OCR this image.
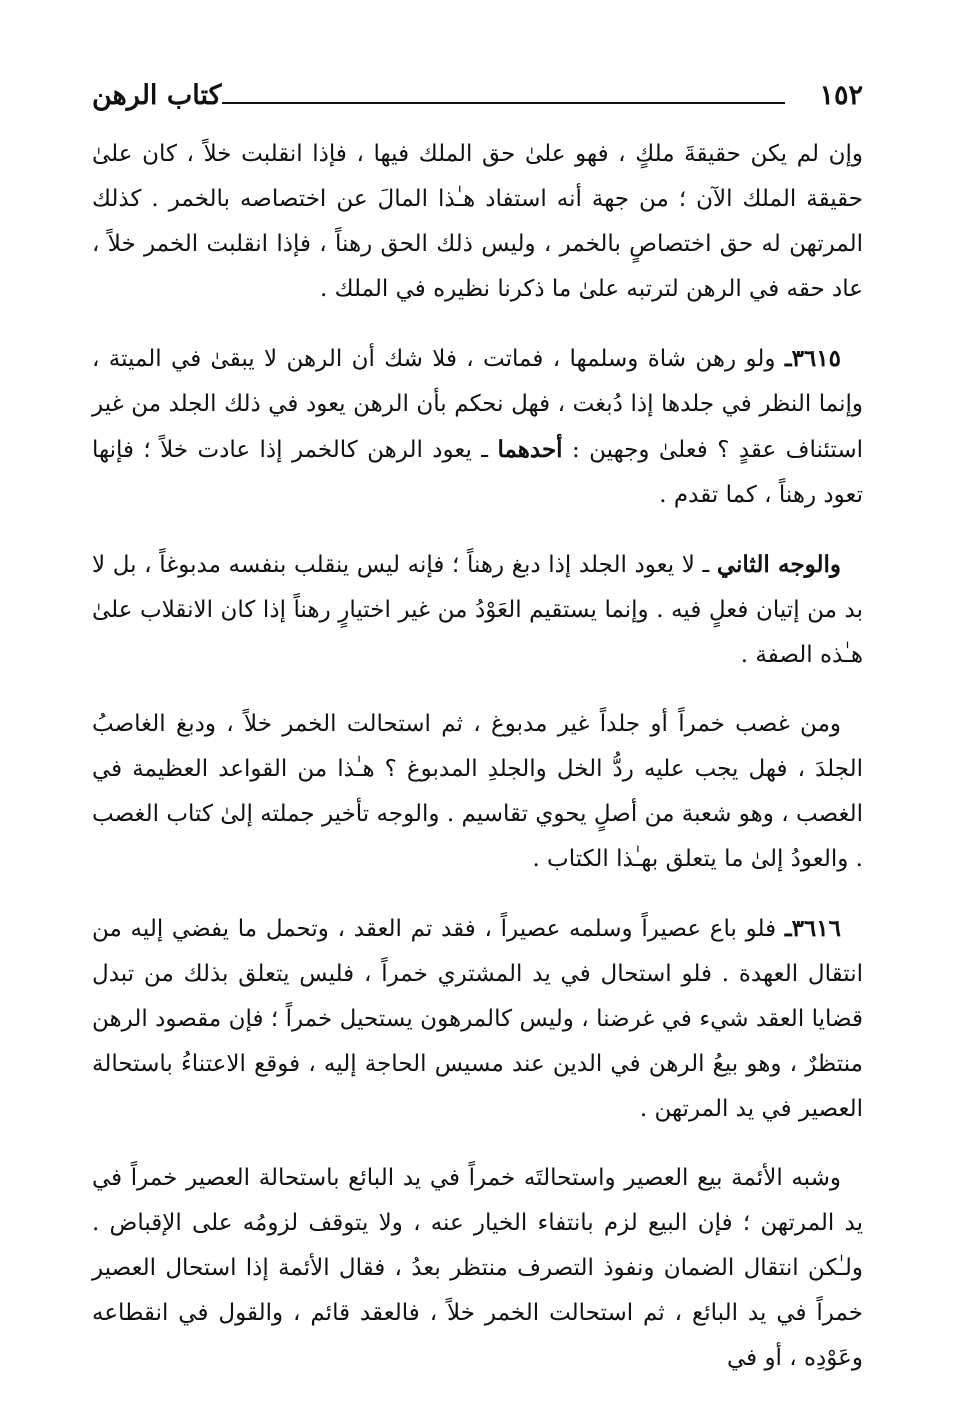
١٥٢
كتاب الرهن

وإن لم يكن حقيقةَ ملكٍ ، فهو علىٰ حق الملك فيها ، فإذا انقلبت خلاً ، كان علىٰ حقيقة الملك الآن ؛ من جهة أنه استفاد هـٰذا المالَ عن اختصاصه بالخمر . كذلك المرتهن له حق اختصاصٍ بالخمر ، وليس ذلك الحق رهناً ، فإذا انقلبت الخمر خلاً ، عاد حقه في الرهن لترتبه علىٰ ما ذكرنا نظيره في الملك .

٣٦١٥ـ ولو رهن شاة وسلمها ، فماتت ، فلا شك أن الرهن لا يبقىٰ في الميتة ، وإنما النظر في جلدها إذا دُبغت ، فهل نحكم بأن الرهن يعود في ذلك الجلد من غير استئناف عقدٍ ؟ فعلىٰ وجهين : أحدهما ـ يعود الرهن كالخمر إذا عادت خلاً ؛ فإنها تعود رهناً ، كما تقدم .

والوجه الثاني ـ لا يعود الجلد إذا دبغ رهناً ؛ فإنه ليس ينقلب بنفسه مدبوغاً ، بل لا بد من إتيان فعلٍ فيه . وإنما يستقيم العَوْدُ من غير اختيارٍ رهناً إذا كان الانقلاب علىٰ هـٰذه الصفة .

ومن غصب خمراً أو جلداً غير مدبوغ ، ثم استحالت الخمر خلاً ، ودبغ الغاصبُ الجلدَ ، فهل يجب عليه ردُّ الخل والجلدِ المدبوغ ؟ هـٰذا من القواعد العظيمة في الغصب ، وهو شعبة من أصلٍ يحوي تقاسيم . والوجه تأخير جملته إلىٰ كتاب الغصب . والعودُ إلىٰ ما يتعلق بهـٰذا الكتاب .

٣٦١٦ـ فلو باع عصيراً وسلمه عصيراً ، فقد تم العقد ، وتحمل ما يفضي إليه من انتقال العهدة . فلو استحال في يد المشتري خمراً ، فليس يتعلق بذلك من تبدل قضايا العقد شيء في غرضنا ، وليس كالمرهون يستحيل خمراً ؛ فإن مقصود الرهن منتظرٌ ، وهو بيعُ الرهن في الدين عند مسيس الحاجة إليه ، فوقع الاعتناءُ باستحالة العصير في يد المرتهن .

وشبه الأئمة بيع العصير واستحالتَه خمراً في يد البائع باستحالة العصير خمراً في يد المرتهن ؛ فإن البيع لزم بانتفاء الخيار عنه ، ولا يتوقف لزومُه على الإقباض . ولـٰكن انتقال الضمان ونفوذ التصرف منتظر بعدُ ، فقال الأئمة إذا استحال العصير خمراً في يد البائع ، ثم استحالت الخمر خلاً ، فالعقد قائم ، والقول في انقطاعه وعَوْدِه ، أو في
